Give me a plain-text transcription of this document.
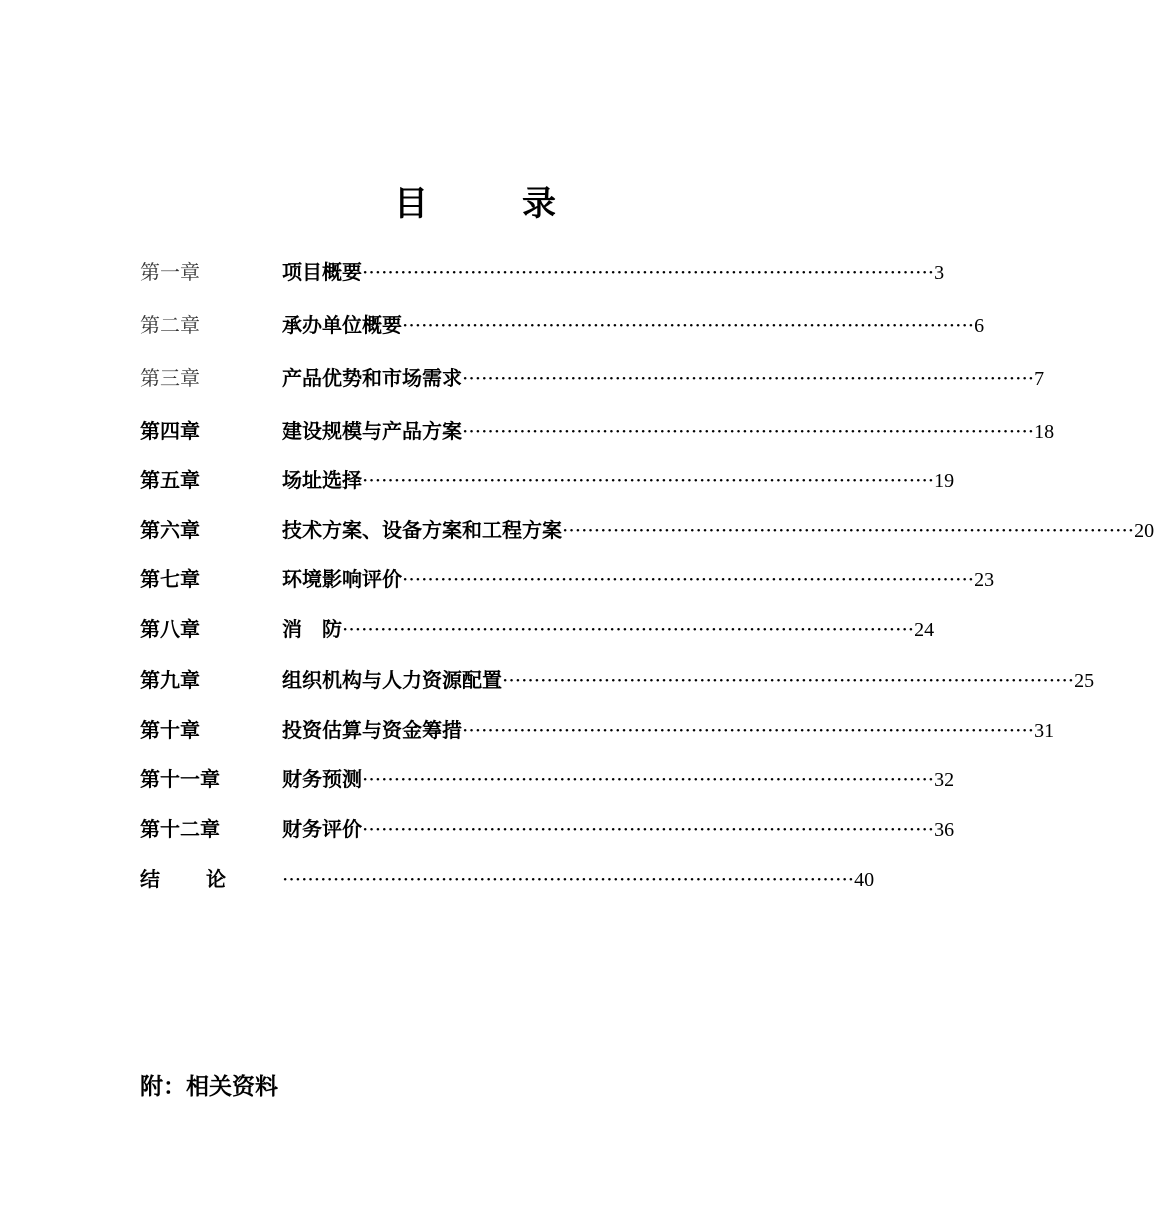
目　录
第一章	项目概要 ·························································································· 3
第二章	承办单位概要 ·························································································· 6
第三章	产品优势和市场需求 ·························································································· 7
第四章	建设规模与产品方案 ·························································································· 18
第五章	场址选择 ·························································································· 19
第六章	技术方案、设备方案和工程方案 ·························································································· 20
第七章	环境影响评价 ·························································································· 23
第八章	消　防 ·························································································· 24
第九章	组织机构与人力资源配置 ·························································································· 25
第十章	投资估算与资金筹措 ·························································································· 31
第十一章	财务预测 ·························································································· 32
第十二章	财务评价 ·························································································· 36
结 论	·························································································· 40
附：相关资料
